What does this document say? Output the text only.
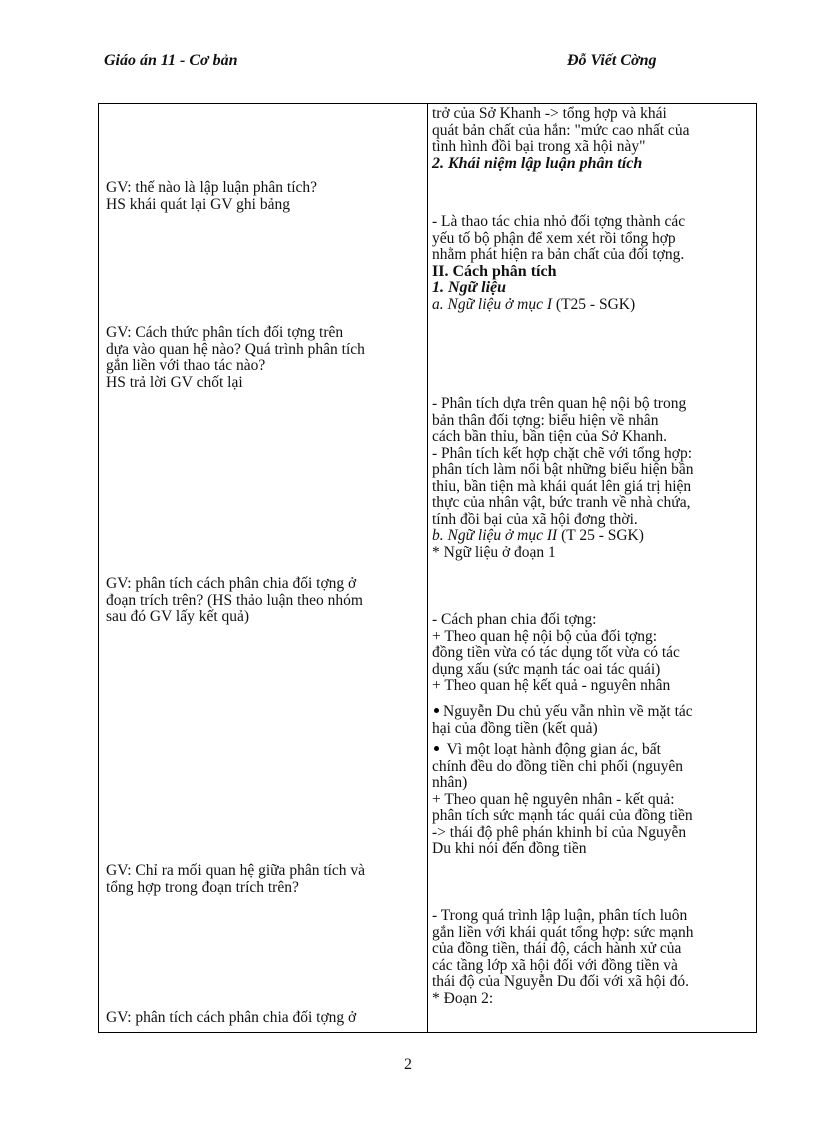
Giáo án 11 - Cơ bản	Đỗ Viết Cờng

GV: thế nào là lập luận phân tích?

HS khái quát lại GV ghi bảng

GV: Cách thức phân tích đối tợng trên

dựa vào quan hệ nào? Quá trình phân tích

gắn liền với thao tác nào?

HS trả lời GV chốt lại

GV: phân tích cách phân chia đối tợng ở

đoạn trích trên? (HS thảo luận theo nhóm

sau đó GV lấy kết quả)

GV: Chỉ ra mối quan hệ giữa phân tích và

tổng hợp trong đoạn trích trên?

GV: phân tích cách phân chia đối tợng ở

trở của Sở Khanh -> tổng hợp và khái

quát bản chất của hắn: "mức cao nhất của

tình hình đồi bại trong xã hội này"

2. Khái niệm lập luận phân tích

- Là thao tác chia nhỏ đối tợng thành các

yếu tố bộ phận để xem xét rồi tổng hợp

nhằm phát hiện ra bản chất của đối tợng.

II. Cách phân tích

1. Ngữ liệu

a. Ngữ liệu ở mục I (T25 - SGK)

- Phân tích dựa trên quan hệ nội bộ trong

bản thân đối tợng: biểu hiện về nhân

cách bần thỉu, bần tiện của Sở Khanh.

- Phân tích kết hợp chặt chẽ với tổng hợp:

phân tích làm nổi bật những biểu hiện bần

thỉu, bần tiện mà khái quát lên giá trị hiện

thực của nhân vật, bức tranh về nhà chứa,

tính đồi bại của xã hội đơng thời.

b. Ngữ liệu ở mục II (T 25 - SGK)

* Ngữ liệu ở đoạn 1

- Cách phan chia đối tợng:

+ Theo quan hệ nội bộ của đối tợng:

đồng tiền vừa có tác dụng tốt vừa có tác

dụng xấu (sức mạnh tác oai tác quái)

+ Theo quan hệ kết quả - nguyên nhân

Nguyễn Du chủ yếu vẫn nhìn về mặt tác

hại của đồng tiền (kết quả)

Vì một loạt hành động gian ác, bất

chính đều do đồng tiền chi phối (nguyên

nhân)

+ Theo quan hệ nguyên nhân - kết quả:

phân tích sức mạnh tác quái của đồng tiền

-> thái độ phê phán khinh bỉ của Nguyễn

Du khi nói đến đồng tiền

- Trong quá trình lập luận, phân tích luôn

gắn liền với khái quát tổng hợp: sức mạnh

của đồng tiền, thái độ, cách hành xử của

các tầng lớp xã hội đối với đồng tiền và

thái độ của Nguyễn Du đối với xã hội đó.

* Đoạn 2:

2
